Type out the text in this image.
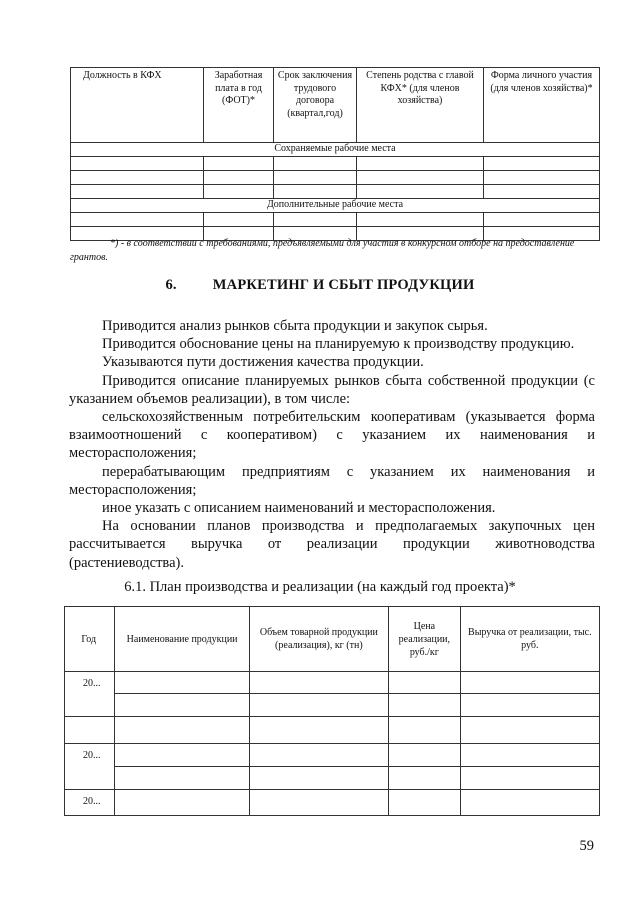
Должность в КФХ	Заработная плата в год (ФОТ)*	Срок заключения трудового договора (квартал,год)	Степень родства с главой КФХ* (для членов хозяйства)	Форма личного участия (для членов хозяйства)*
Сохраняемые рабочие места				

Дополнительные рабочие места				

*) - в соответствии с требованиями, предъявляемыми для участия в конкурсном отборе на предоставление грантов.
6. МАРКЕТИНГ И СБЫТ ПРОДУКЦИИ

Приводится анализ рынков сбыта продукции и закупок сырья.

Приводится обоснование цены на планируемую к производству продукцию.

Указываются пути достижения качества продукции.

Приводится описание планируемых рынков сбыта собственной продукции (с указанием объемов реализации), в том числе:

сельскохозяйственным потребительским кооперативам (указывается форма взаимоотношений с кооперативом) с указанием их наименования и месторасположения;

перерабатывающим предприятиям с указанием их наименования и месторасположения;

иное указать с описанием наименований и месторасположения.

На основании планов производства и предполагаемых закупочных цен рассчитывается выручка от реализации продукции животноводства (растениеводства).

6.1. План производства и реализации (на каждый год проекта)*
Год	Наименование продукции	Объем товарной продукции (реализация), кг (тн)	Цена реализации, руб./кг	Выручка от реализации, тыс. руб.
20...				

20...				

20...				
59
